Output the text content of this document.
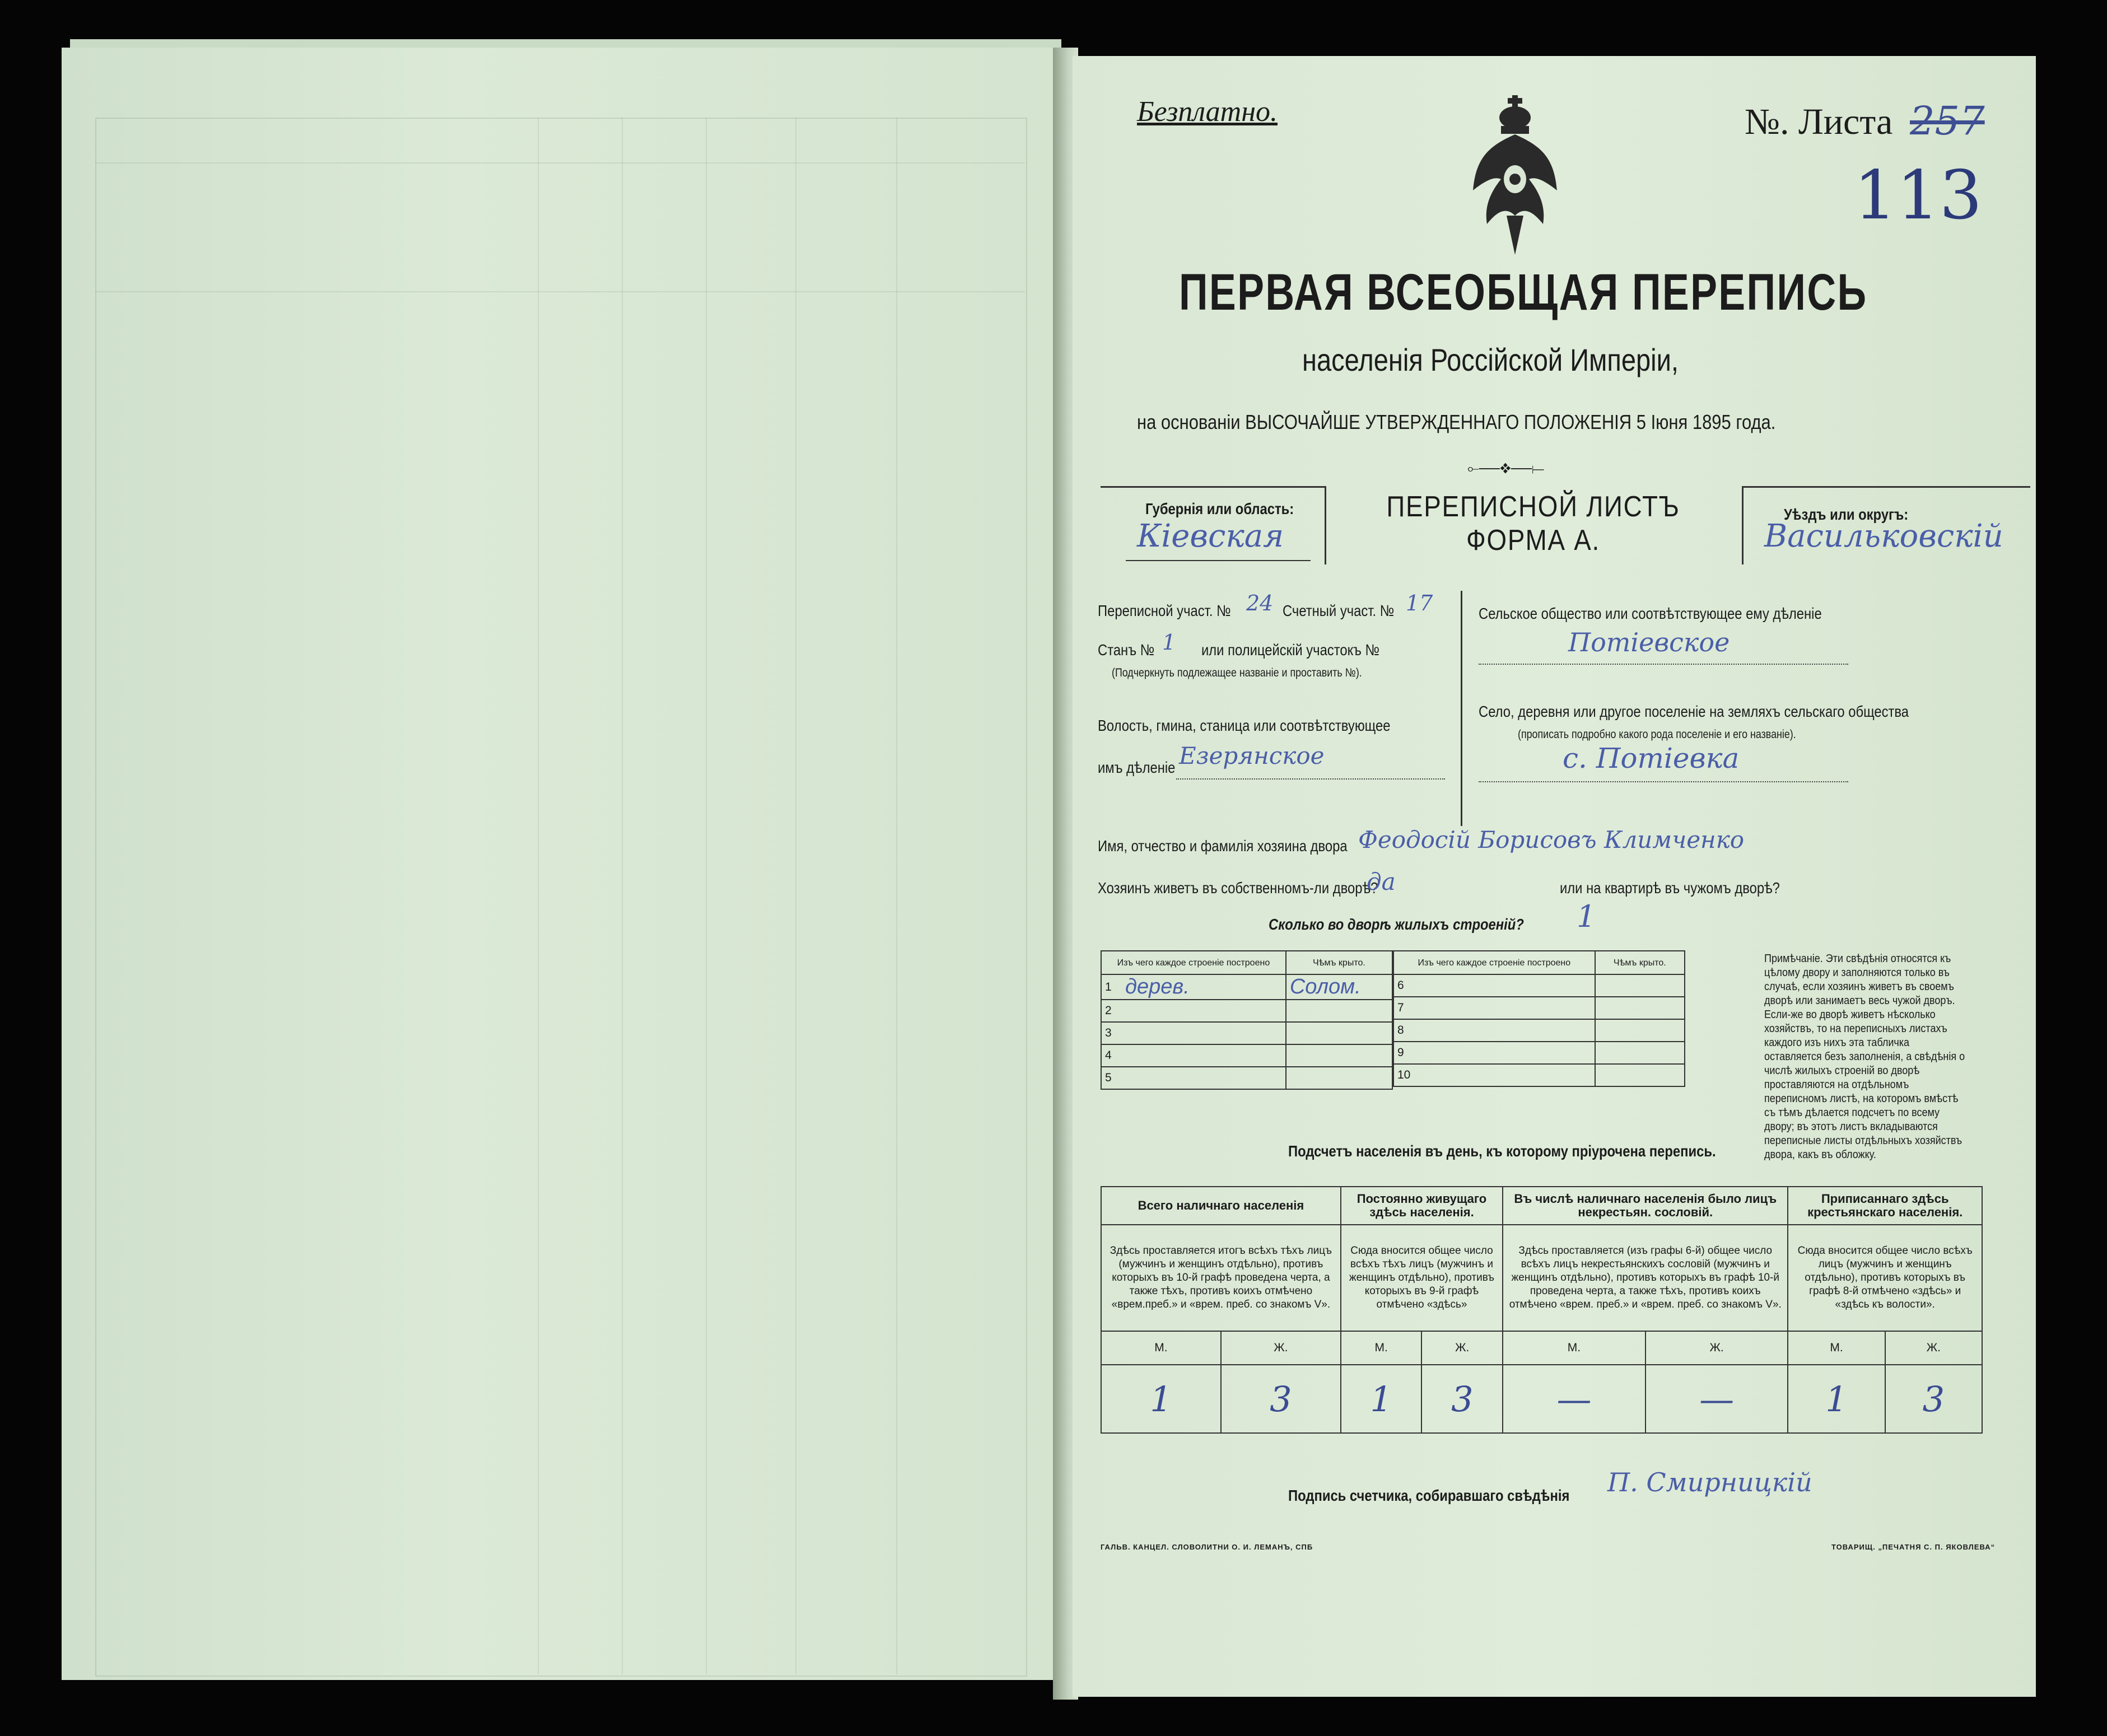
Безплатно.	№. Листа 257
113
ПЕРВАЯ ВСЕОБЩАЯ ПЕРЕПИСЬ
населенія Россійской Имперіи,
на основаніи ВЫСОЧАЙШЕ УТВЕРЖДЕННАГО ПОЛОЖЕНІЯ 5 Іюня 1895 года.
⟜──❖──⟝
Губернія или область:
Кіевская
ПЕРЕПИСНОЙ ЛИСТЪ
ФОРМА А.
Уѣздъ или округъ:
Васильковскій
Переписной участ. № 24 Счетный участ. № 17
Станъ № 1 или полицейскій участокъ №
(Подчеркнуть подлежащее названіе и проставить №).
Волость, гмина, станица или соотвѣтствующее
имъ дѣленіе Езерянское
Сельское общество или соотвѣтствующее ему дѣленіе
Потіевское
Село, деревня или другое поселеніе на земляхъ сельскаго общества
(прописать подробно какого рода поселеніе и его названіе).
с. Потіевка
Имя, отчество и фамилія хозяина двора Феодосій Борисовъ Климченко
Хозяинъ живетъ въ собственномъ-ли дворѣ?
да	или на квартирѣ въ чужомъ дворѣ?
Сколько во дворѣ жилыхъ строеній? 1
Изъ чего каждое строеніе построено		Чѣмъ крыто.
1	дерев.	Солом.
2		
3		
4		
5		
Изъ чего каждое строеніе построено		Чѣмъ крыто.
6		
7		
8		
9		
10		
Примѣчаніе. Эти свѣдѣнія относятся къ цѣлому двору и заполняются только въ случаѣ, если хозяинъ живетъ въ своемъ дворѣ или занимаетъ весь чужой дворъ. Если-же во дворѣ живетъ нѣсколько хозяйствъ, то на переписныхъ листахъ каждого изъ нихъ эта табличка оставляется безъ заполненія, а свѣдѣнія о числѣ жилыхъ строеній во дворѣ проставляются на отдѣльномъ переписномъ листѣ, на которомъ вмѣстѣ съ тѣмъ дѣлается подсчетъ по всему двору; въ этотъ листъ вкладываются переписные листы отдѣльныхъ хозяйствъ двора, какъ въ обложку.
Подсчетъ населенія въ день, къ которому пріурочена перепись.
Всего наличнаго населенія		Постоянно живущаго здѣсь населенія.		Въ числѣ наличнаго населенія было лицъ некрестьян. сословій.		Приписаннаго здѣсь крестьянскаго населенія.	
Здѣсь проставляется итогъ всѣхъ тѣхъ лицъ (мужчинъ и женщинъ отдѣльно), противъ которыхъ въ 10-й графѣ проведена черта, а также тѣхъ, противъ коихъ отмѣчено «врем.преб.» и «врем. преб. со знакомъ V».		Сюда вносится общее число всѣхъ тѣхъ лицъ (мужчинъ и женщинъ отдѣльно), противъ которыхъ въ 9-й графѣ отмѣчено «здѣсь»		Здѣсь проставляется (изъ графы 6-й) общее число всѣхъ лицъ некрестьянскихъ сословій (мужчинъ и женщинъ отдѣльно), противъ которыхъ въ графѣ 10-й проведена черта, а также тѣхъ, противъ коихъ отмѣчено «врем. преб.» и «врем. преб. со знакомъ V».		Сюда вносится общее число всѣхъ лицъ (мужчинъ и женщинъ отдѣльно), противъ которыхъ въ графѣ 8-й отмѣчено «здѣсь» и «здѣсь къ волости».	
М.	Ж.	М.	Ж.	М.	Ж.	М.	Ж.
1	3	1	3	—	—	1	3
Подпись счетчика, собиравшаго свѣдѣнія П. Смирницкій
ГАЛЬВ. КАНЦЕЛ. СЛОВОЛИТНИ О. И. ЛЕМАНЪ, СПБ	ТОВАРИЩ. „ПЕЧАТНЯ С. П. ЯКОВЛЕВА“
